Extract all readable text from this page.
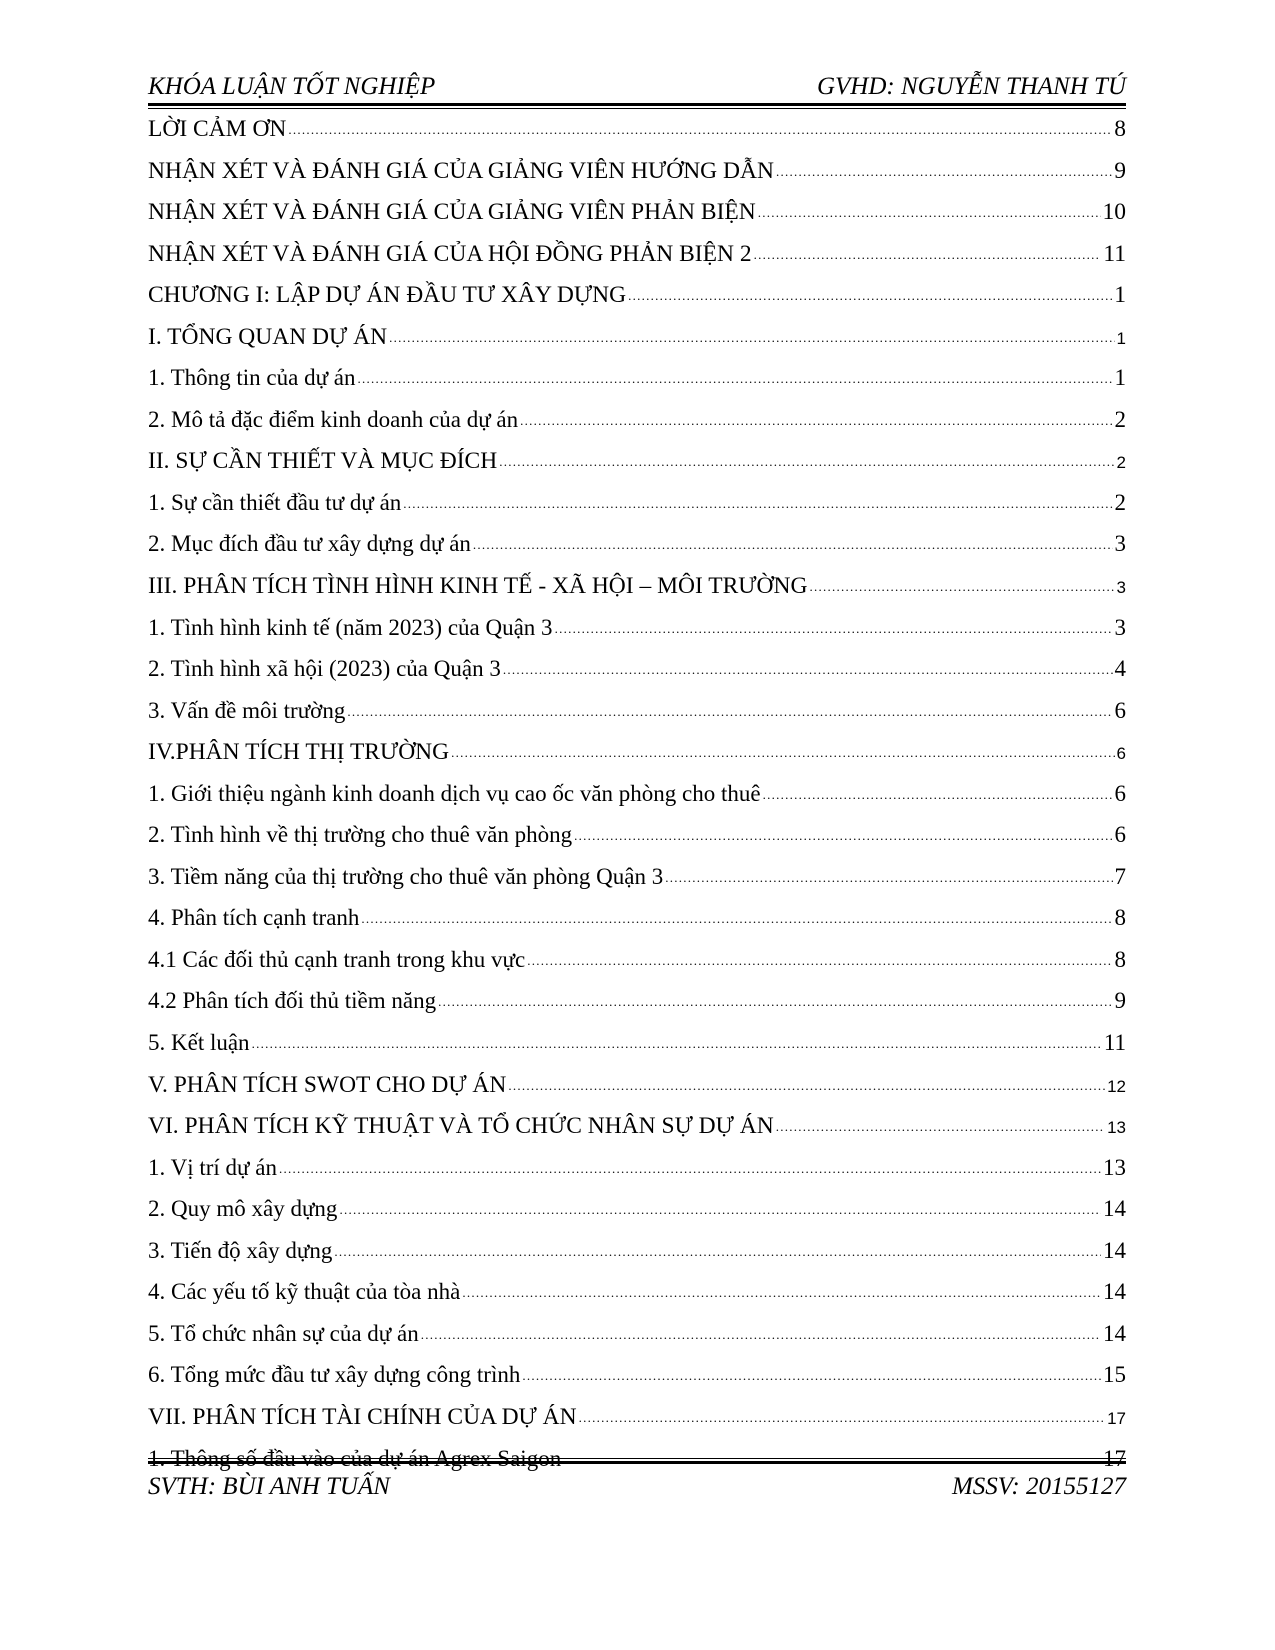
KHÓA LUẬN TỐT NGHIỆP	GVHD: NGUYỄN THANH TÚ
LỜI CẢM ƠN . . .	8
NHẬN XÉT VÀ ĐÁNH GIÁ CỦA GIẢNG VIÊN HƯỚNG DẪN . . .	9
NHẬN XÉT VÀ ĐÁNH GIÁ CỦA GIẢNG VIÊN PHẢN BIỆN . . .	10
NHẬN XÉT VÀ ĐÁNH GIÁ CỦA HỘI ĐỒNG PHẢN BIỆN 2 . . .	11
CHƯƠNG I: LẬP DỰ ÁN ĐẦU TƯ XÂY DỰNG . . .	1
I. TỔNG QUAN DỰ ÁN . . .	1
1. Thông tin của dự án . . .	1
2. Mô tả đặc điểm kinh doanh của dự án . . .	2
II. SỰ CẦN THIẾT VÀ MỤC ĐÍCH . . .	2
1. Sự cần thiết đầu tư dự án . . .	2
2. Mục đích đầu tư xây dựng dự án . . .	3
III. PHÂN TÍCH TÌNH HÌNH KINH TẾ - XÃ HỘI – MÔI TRƯỜNG . . .	3
1. Tình hình kinh tế (năm 2023) của Quận 3 . . .	3
2. Tình hình xã hội (2023) của Quận 3 . . .	4
3. Vấn đề môi trường . . .	6
IV.PHÂN TÍCH THỊ TRƯỜNG . . .	6
1. Giới thiệu ngành kinh doanh dịch vụ cao ốc văn phòng cho thuê . . .	6
2. Tình hình về thị trường cho thuê văn phòng . . .	6
3. Tiềm năng của thị trường cho thuê văn phòng Quận 3 . . .	7
4. Phân tích cạnh tranh . . .	8
4.1 Các đối thủ cạnh tranh trong khu vực . . .	8
4.2 Phân tích đối thủ tiềm năng . . .	9
5. Kết luận . . .	11
V. PHÂN TÍCH SWOT CHO DỰ ÁN . . .	12
VI. PHÂN TÍCH KỸ THUẬT VÀ TỔ CHỨC NHÂN SỰ DỰ ÁN . . .	13
1. Vị trí dự án . . .	13
2. Quy mô xây dựng . . .	14
3. Tiến độ xây dựng . . .	14
4. Các yếu tố kỹ thuật của tòa nhà . . .	14
5. Tổ chức nhân sự của dự án . . .	14
6. Tổng mức đầu tư xây dựng công trình . . .	15
VII. PHÂN TÍCH TÀI CHÍNH CỦA DỰ ÁN . . .	17
1. Thông số đầu vào của dự án Agrex Saigon . . .	17
SVTH: BÙI ANH TUẤN	MSSV: 20155127
